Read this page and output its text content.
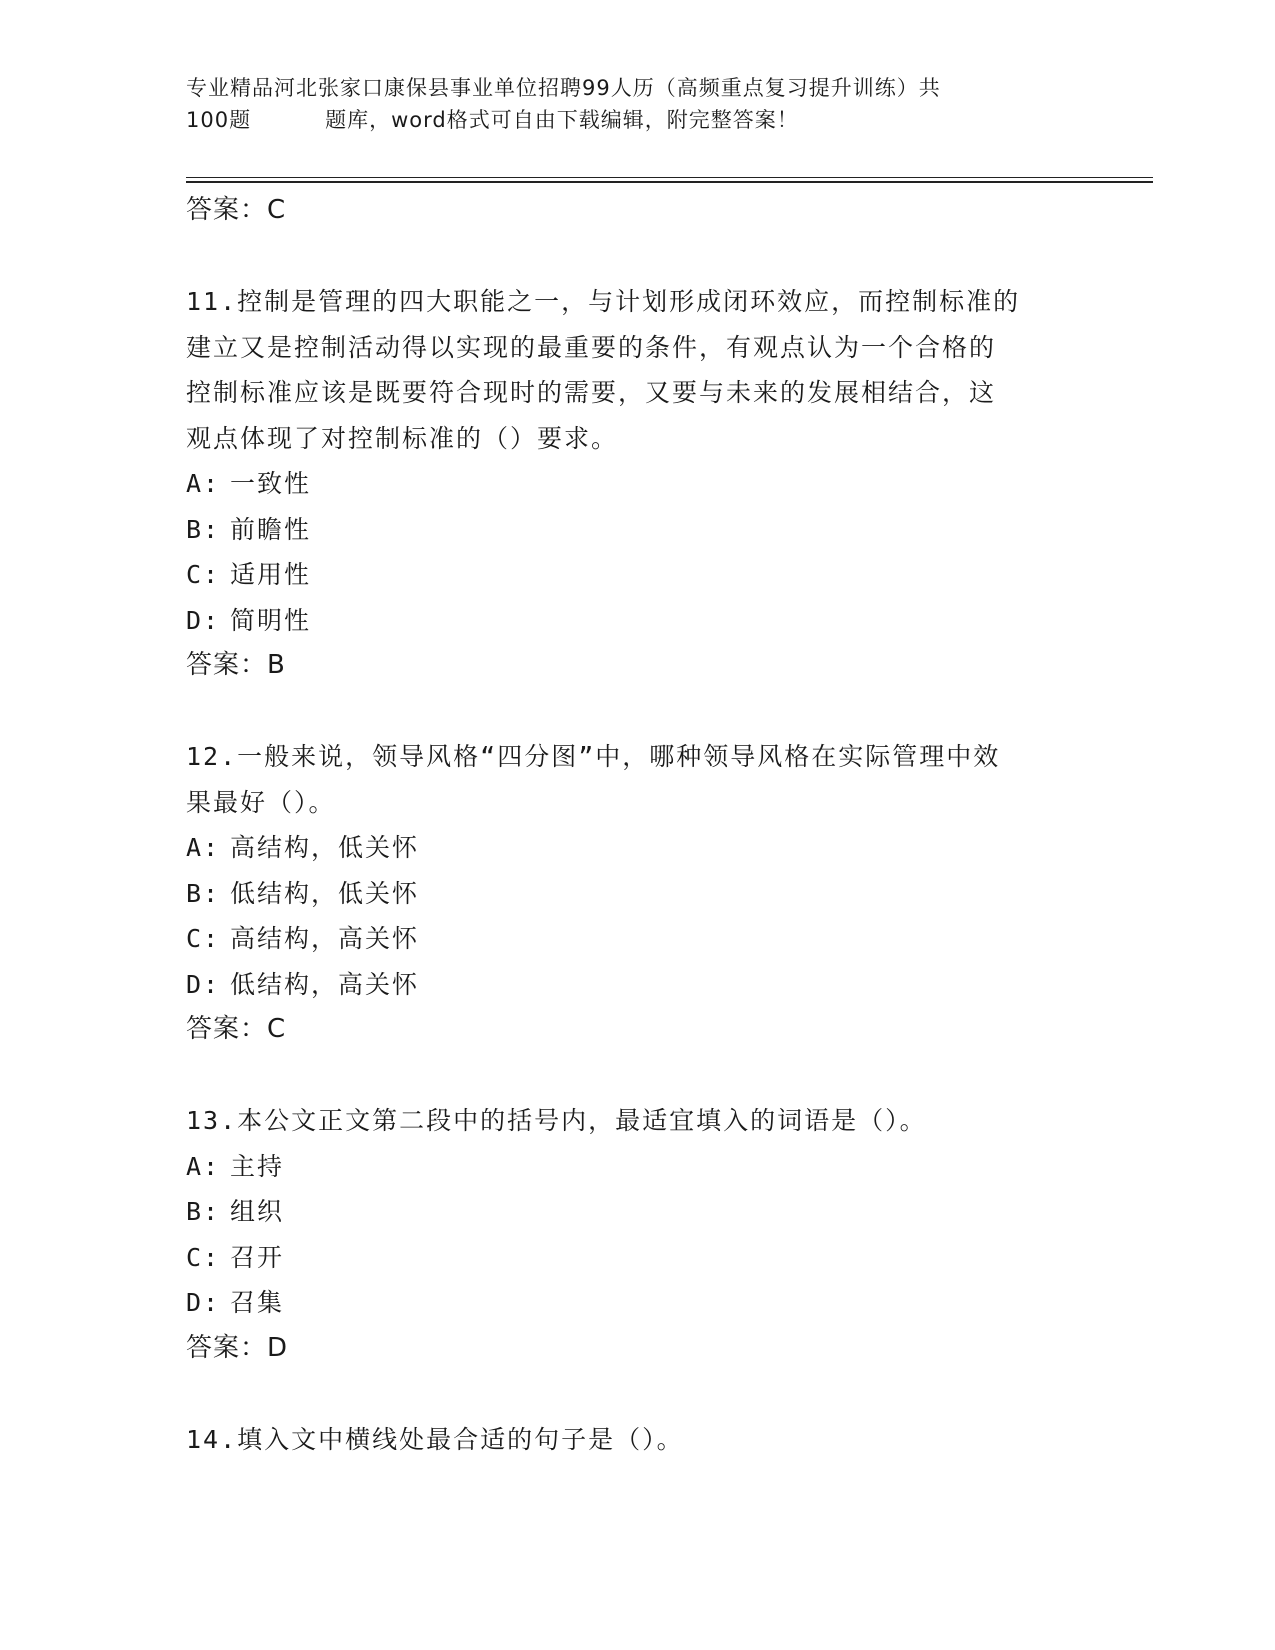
专业精品河北张家口康保县事业单位招聘99人历（高频重点复习提升训练）共
100题	题库，word格式可自由下载编辑，附完整答案！
答案：C
11.控制是管理的四大职能之一，与计划形成闭环效应，而控制标准的
建立又是控制活动得以实现的最重要的条件，有观点认为一个合格的
控制标准应该是既要符合现时的需要，又要与未来的发展相结合，这
观点体现了对控制标准的（）要求。
A: 一致性
B: 前瞻性
C: 适用性
D: 简明性
答案：B
12.一般来说，领导风格“四分图”中，哪种领导风格在实际管理中效
果最好（）。
A: 高结构，低关怀
B: 低结构，低关怀
C: 高结构，高关怀
D: 低结构，高关怀
答案：C
13.本公文正文第二段中的括号内，最适宜填入的词语是（）。
A: 主持
B: 组织
C: 召开
D: 召集
答案：D
14.填入文中横线处最合适的句子是（）。
